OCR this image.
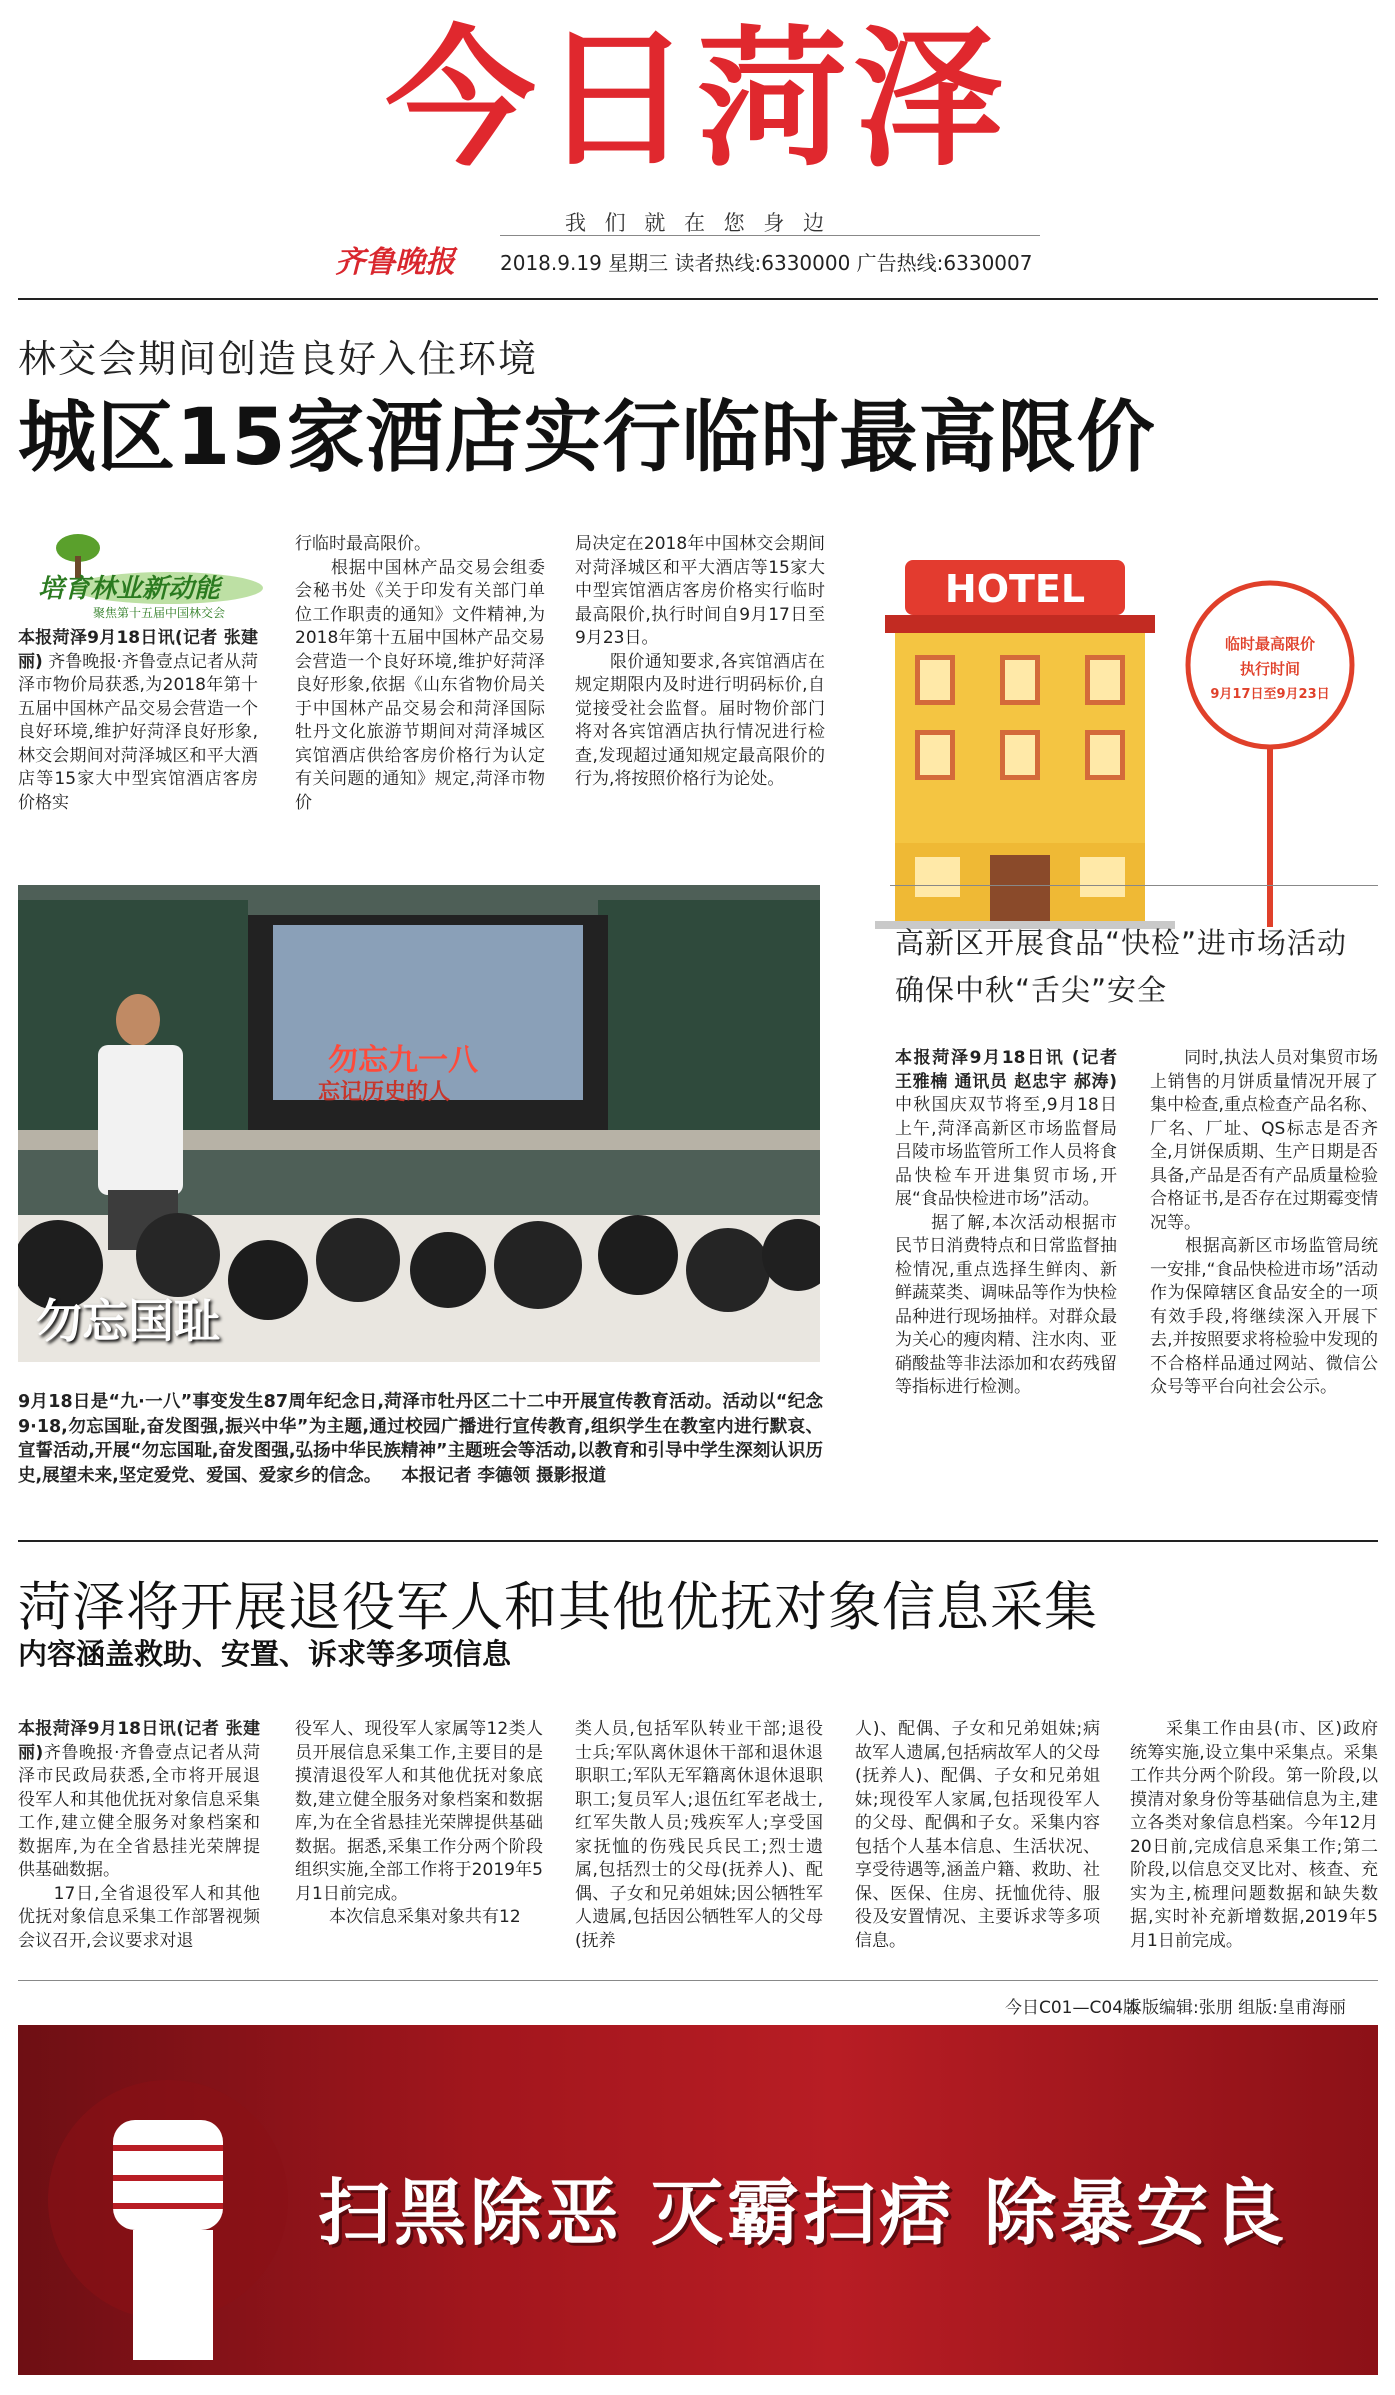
今日菏泽
我 们 就 在 您 身 边
齐鲁晚报 2018.9.19 星期三 读者热线:6330000 广告热线:6330007
林交会期间创造良好入住环境
城区15家酒店实行临时最高限价
培育林业新动能
聚焦第十五届中国林交会
本报菏泽9月18日讯(记者 张建丽) 齐鲁晚报·齐鲁壹点记者从菏泽市物价局获悉,为2018年第十五届中国林产品交易会营造一个良好环境,维护好菏泽良好形象,林交会期间对菏泽城区和平大酒店等15家大中型宾馆酒店客房价格实
行临时最高限价。
　　根据中国林产品交易会组委会秘书处《关于印发有关部门单位工作职责的通知》文件精神,为2018年第十五届中国林产品交易会营造一个良好环境,维护好菏泽良好形象,依据《山东省物价局关于中国林产品交易会和菏泽国际牡丹文化旅游节期间对菏泽城区宾馆酒店供给客房价格行为认定有关问题的通知》规定,菏泽市物价
局决定在2018年中国林交会期间对菏泽城区和平大酒店等15家大中型宾馆酒店客房价格实行临时最高限价,执行时间自9月17日至9月23日。
　　限价通知要求,各宾馆酒店在规定期限内及时进行明码标价,自觉接受社会监督。届时物价部门将对各宾馆酒店执行情况进行检查,发现超过通知规定最高限价的行为,将按照价格行为论处。
HOTEL
临时最高限价
执行时间
9月17日至9月23日
勿忘九一八
忘记历史的人
勿忘国耻
9月18日是“九·一八”事变发生87周年纪念日,菏泽市牡丹区二十二中开展宣传教育活动。活动以“纪念9·18,勿忘国耻,奋发图强,振兴中华”为主题,通过校园广播进行宣传教育,组织学生在教室内进行默哀、宣誓活动,开展“勿忘国耻,奋发图强,弘扬中华民族精神”主题班会等活动,以教育和引导中学生深刻认识历史,展望未来,坚定爱党、爱国、爱家乡的信念。 本报记者 李德领 摄影报道
高新区开展食品“快检”进市场活动
确保中秋“舌尖”安全
本报菏泽9月18日讯 (记者 王雅楠 通讯员 赵忠宇 郝涛)中秋国庆双节将至,9月18日上午,菏泽高新区市场监督局吕陵市场监管所工作人员将食品快检车开进集贸市场,开展“食品快检进市场”活动。
　　据了解,本次活动根据市民节日消费特点和日常监督抽检情况,重点选择生鲜肉、新鲜蔬菜类、调味品等作为快检品种进行现场抽样。对群众最为关心的瘦肉精、注水肉、亚硝酸盐等非法添加和农药残留等指标进行检测。
　　同时,执法人员对集贸市场上销售的月饼质量情况开展了集中检查,重点检查产品名称、厂名、厂址、QS标志是否齐全,月饼保质期、生产日期是否具备,产品是否有产品质量检验合格证书,是否存在过期霉变情况等。
　　根据高新区市场监管局统一安排,“食品快检进市场”活动作为保障辖区食品安全的一项有效手段,将继续深入开展下去,并按照要求将检验中发现的不合格样品通过网站、微信公众号等平台向社会公示。
菏泽将开展退役军人和其他优抚对象信息采集
内容涵盖救助、安置、诉求等多项信息
本报菏泽9月18日讯(记者 张建丽)齐鲁晚报·齐鲁壹点记者从菏泽市民政局获悉,全市将开展退役军人和其他优抚对象信息采集工作,建立健全服务对象档案和数据库,为在全省悬挂光荣牌提供基础数据。
　　17日,全省退役军人和其他优抚对象信息采集工作部署视频会议召开,会议要求对退
役军人、现役军人家属等12类人员开展信息采集工作,主要目的是摸清退役军人和其他优抚对象底数,建立健全服务对象档案和数据库,为在全省悬挂光荣牌提供基础数据。据悉,采集工作分两个阶段组织实施,全部工作将于2019年5月1日前完成。
　　本次信息采集对象共有12
类人员,包括军队转业干部;退役士兵;军队离休退休干部和退休退职职工;军队无军籍离休退休退职职工;复员军人;退伍红军老战士,红军失散人员;残疾军人;享受国家抚恤的伤残民兵民工;烈士遗属,包括烈士的父母(抚养人)、配偶、子女和兄弟姐妹;因公牺牲军人遗属,包括因公牺牲军人的父母(抚养
人)、配偶、子女和兄弟姐妹;病故军人遗属,包括病故军人的父母(抚养人)、配偶、子女和兄弟姐妹;现役军人家属,包括现役军人的父母、配偶和子女。采集内容包括个人基本信息、生活状况、享受待遇等,涵盖户籍、救助、社保、医保、住房、抚恤优待、服役及安置情况、主要诉求等多项信息。
　　采集工作由县(市、区)政府统筹实施,设立集中采集点。采集工作共分两个阶段。第一阶段,以摸清对象身份等基础信息为主,建立各类对象信息档案。今年12月20日前,完成信息采集工作;第二阶段,以信息交叉比对、核查、充实为主,梳理问题数据和缺失数据,实时补充新增数据,2019年5月1日前完成。
今日C01—C04版
本版编辑:张朋 组版:皇甫海丽
扫黑除恶 灭霸扫痞 除暴安良
